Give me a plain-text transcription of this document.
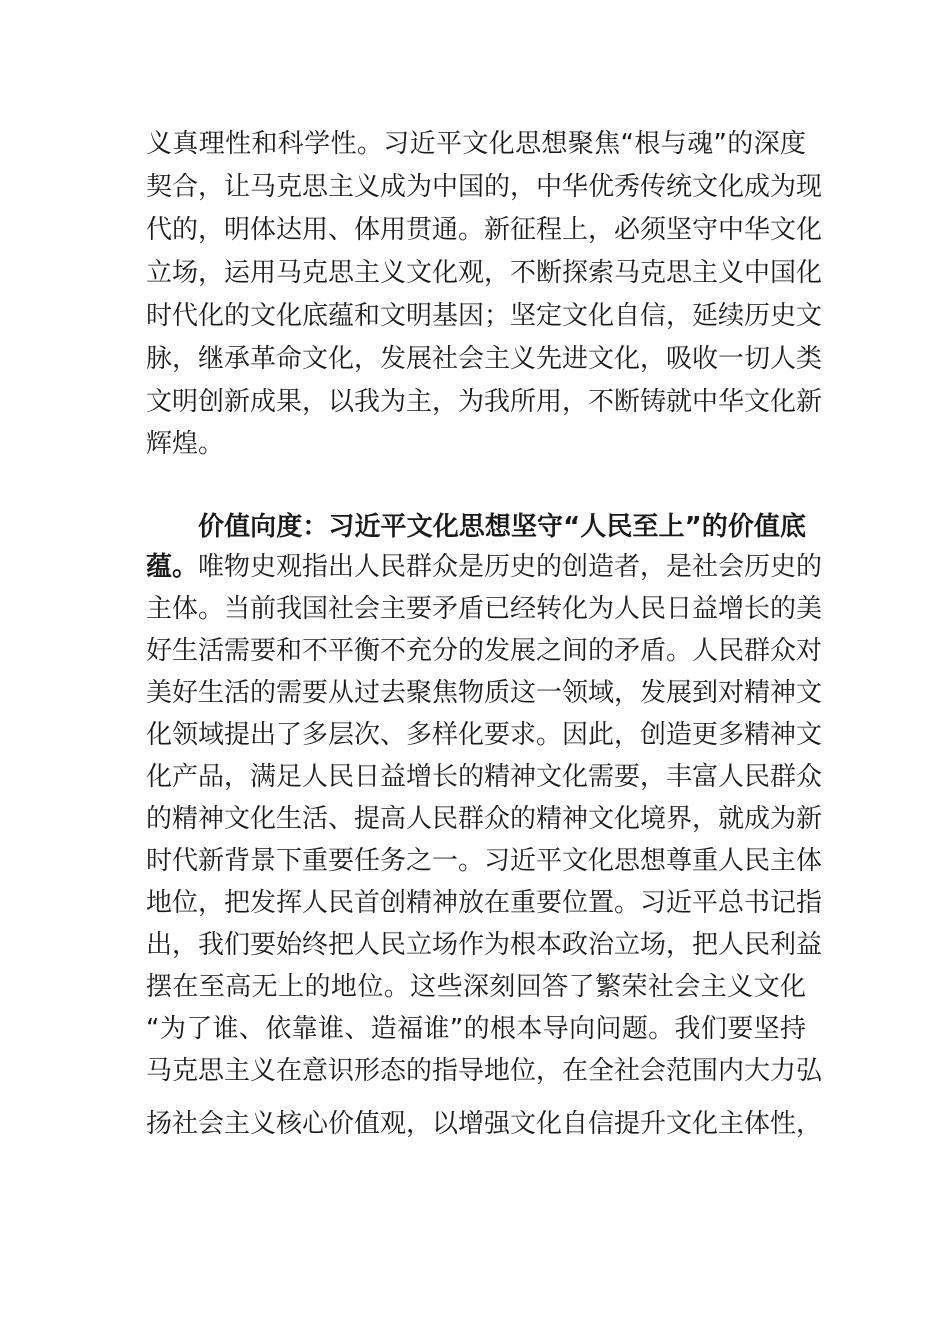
义真理性和科学性。习近平文化思想聚焦“根与魂”的深度
契合，让马克思主义成为中国的，中华优秀传统文化成为现
代的，明体达用、体用贯通。新征程上，必须坚守中华文化
立场，运用马克思主义文化观，不断探索马克思主义中国化
时代化的文化底蕴和文明基因；坚定文化自信，延续历史文
脉，继承革命文化，发展社会主义先进文化，吸收一切人类
文明创新成果，以我为主，为我所用，不断铸就中华文化新
辉煌。
价值向度：习近平文化思想坚守“人民至上”的价值底
蕴。唯物史观指出人民群众是历史的创造者，是社会历史的
主体。当前我国社会主要矛盾已经转化为人民日益增长的美
好生活需要和不平衡不充分的发展之间的矛盾。人民群众对
美好生活的需要从过去聚焦物质这一领域，发展到对精神文
化领域提出了多层次、多样化要求。因此，创造更多精神文
化产品，满足人民日益增长的精神文化需要，丰富人民群众
的精神文化生活、提高人民群众的精神文化境界，就成为新
时代新背景下重要任务之一。习近平文化思想尊重人民主体
地位，把发挥人民首创精神放在重要位置。习近平总书记指
出，我们要始终把人民立场作为根本政治立场，把人民利益
摆在至高无上的地位。这些深刻回答了繁荣社会主义文化
“为了谁、依靠谁、造福谁”的根本导向问题。我们要坚持
马克思主义在意识形态的指导地位，在全社会范围内大力弘
扬社会主义核心价值观，以增强文化自信提升文化主体性，
